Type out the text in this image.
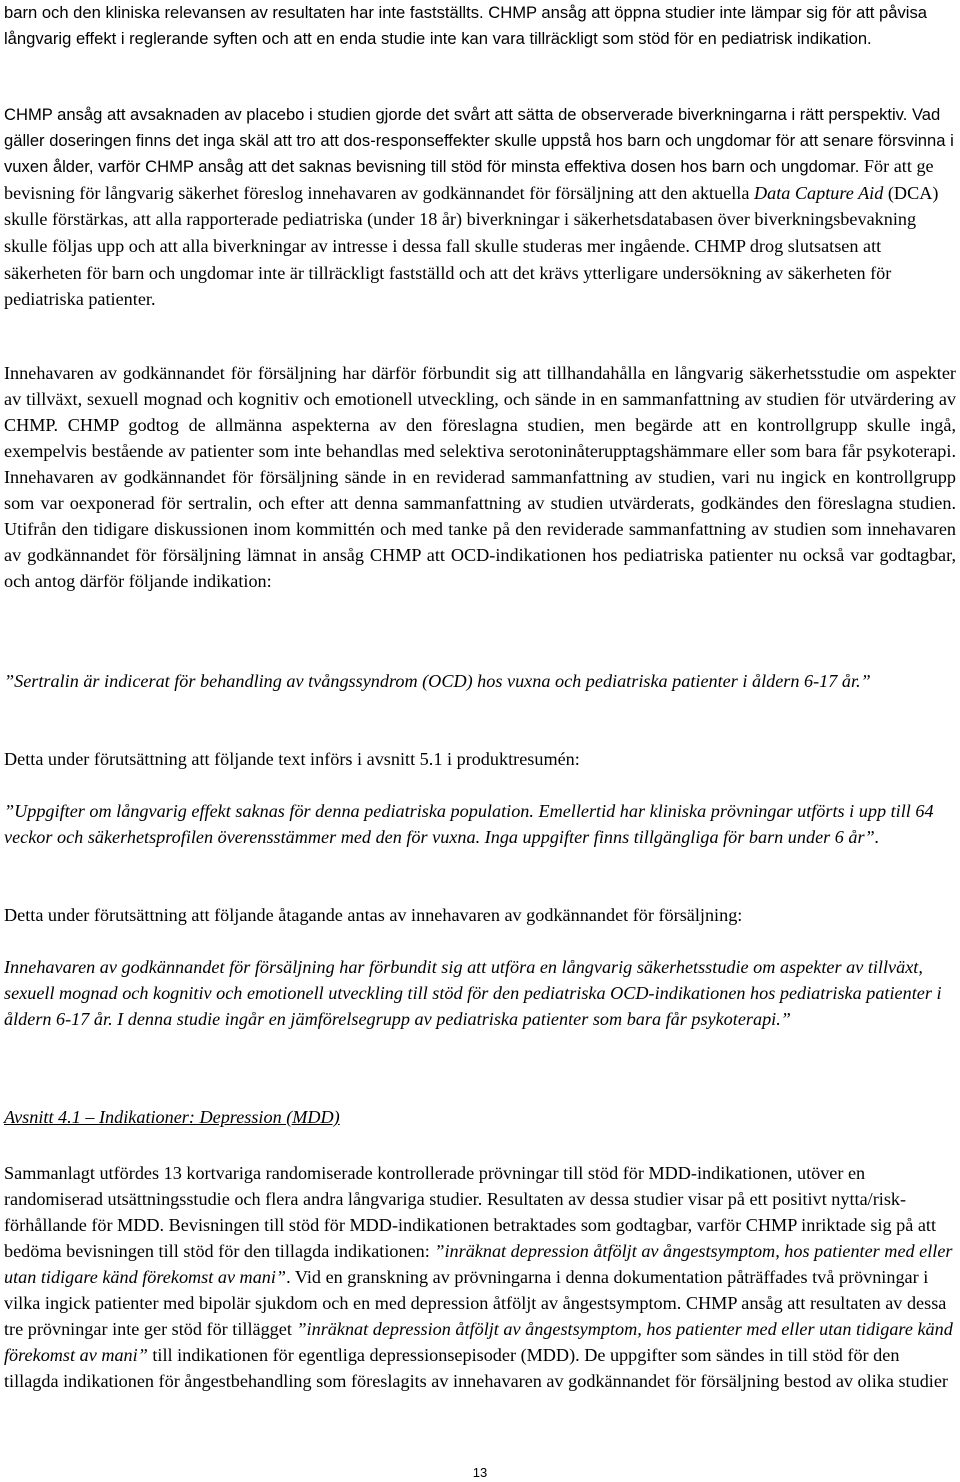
barn och den kliniska relevansen av resultaten har inte fastställts. CHMP ansåg att öppna studier inte lämpar sig för att påvisa långvarig effekt i reglerande syften och att en enda studie inte kan vara tillräckligt som stöd för en pediatrisk indikation.

CHMP ansåg att avsaknaden av placebo i studien gjorde det svårt att sätta de observerade biverkningarna i rätt perspektiv. Vad gäller doseringen finns det inga skäl att tro att dos-responseffekter skulle uppstå hos barn och ungdomar för att senare försvinna i vuxen ålder, varför CHMP ansåg att det saknas bevisning till stöd för minsta effektiva dosen hos barn och ungdomar. För att ge bevisning för långvarig säkerhet föreslog innehavaren av godkännandet för försäljning att den aktuella Data Capture Aid (DCA) skulle förstärkas, att alla rapporterade pediatriska (under 18 år) biverkningar i säkerhetsdatabasen över biverkningsbevakning skulle följas upp och att alla biverkningar av intresse i dessa fall skulle studeras mer ingående. CHMP drog slutsatsen att säkerheten för barn och ungdomar inte är tillräckligt fastställd och att det krävs ytterligare undersökning av säkerheten för pediatriska patienter.

Innehavaren av godkännandet för försäljning har därför förbundit sig att tillhandahålla en långvarig säkerhetsstudie om aspekter av tillväxt, sexuell mognad och kognitiv och emotionell utveckling, och sände in en sammanfattning av studien för utvärdering av CHMP. CHMP godtog de allmänna aspekterna av den föreslagna studien, men begärde att en kontrollgrupp skulle ingå, exempelvis bestående av patienter som inte behandlas med selektiva serotoninåterupptagshämmare eller som bara får psykoterapi. Innehavaren av godkännandet för försäljning sände in en reviderad sammanfattning av studien, vari nu ingick en kontrollgrupp som var oexponerad för sertralin, och efter att denna sammanfattning av studien utvärderats, godkändes den föreslagna studien. Utifrån den tidigare diskussionen inom kommittén och med tanke på den reviderade sammanfattning av studien som innehavaren av godkännandet för försäljning lämnat in ansåg CHMP att OCD-indikationen hos pediatriska patienter nu också var godtagbar, och antog därför följande indikation:

”Sertralin är indicerat för behandling av tvångssyndrom (OCD) hos vuxna och pediatriska patienter i åldern 6-17 år.”

Detta under förutsättning att följande text införs i avsnitt 5.1 i produktresumén:

”Uppgifter om långvarig effekt saknas för denna pediatriska population. Emellertid har kliniska prövningar utförts i upp till 64 veckor och säkerhetsprofilen överensstämmer med den för vuxna. Inga uppgifter finns tillgängliga för barn under 6 år”.

Detta under förutsättning att följande åtagande antas av innehavaren av godkännandet för försäljning:

Innehavaren av godkännandet för försäljning har förbundit sig att utföra en långvarig säkerhetsstudie om aspekter av tillväxt, sexuell mognad och kognitiv och emotionell utveckling till stöd för den pediatriska OCD-indikationen hos pediatriska patienter i åldern 6-17 år. I denna studie ingår en jämförelsegrupp av pediatriska patienter som bara får psykoterapi.”

Avsnitt 4.1 – Indikationer: Depression (MDD)

Sammanlagt utfördes 13 kortvariga randomiserade kontrollerade prövningar till stöd för MDD-indikationen, utöver en randomiserad utsättningsstudie och flera andra långvariga studier. Resultaten av dessa studier visar på ett positivt nytta/risk-förhållande för MDD. Bevisningen till stöd för MDD-indikationen betraktades som godtagbar, varför CHMP inriktade sig på att bedöma bevisningen till stöd för den tillagda indikationen: ”inräknat depression åtföljt av ångestsymptom, hos patienter med eller utan tidigare känd förekomst av mani”. Vid en granskning av prövningarna i denna dokumentation påträffades två prövningar i vilka ingick patienter med bipolär sjukdom och en med depression åtföljt av ångestsymptom. CHMP ansåg att resultaten av dessa tre prövningar inte ger stöd för tillägget ”inräknat depression åtföljt av ångestsymptom, hos patienter med eller utan tidigare känd förekomst av mani” till indikationen för egentliga depressionsepisoder (MDD). De uppgifter som sändes in till stöd för den tillagda indikationen för ångestbehandling som föreslagits av innehavaren av godkännandet för försäljning bestod av olika studier

13
